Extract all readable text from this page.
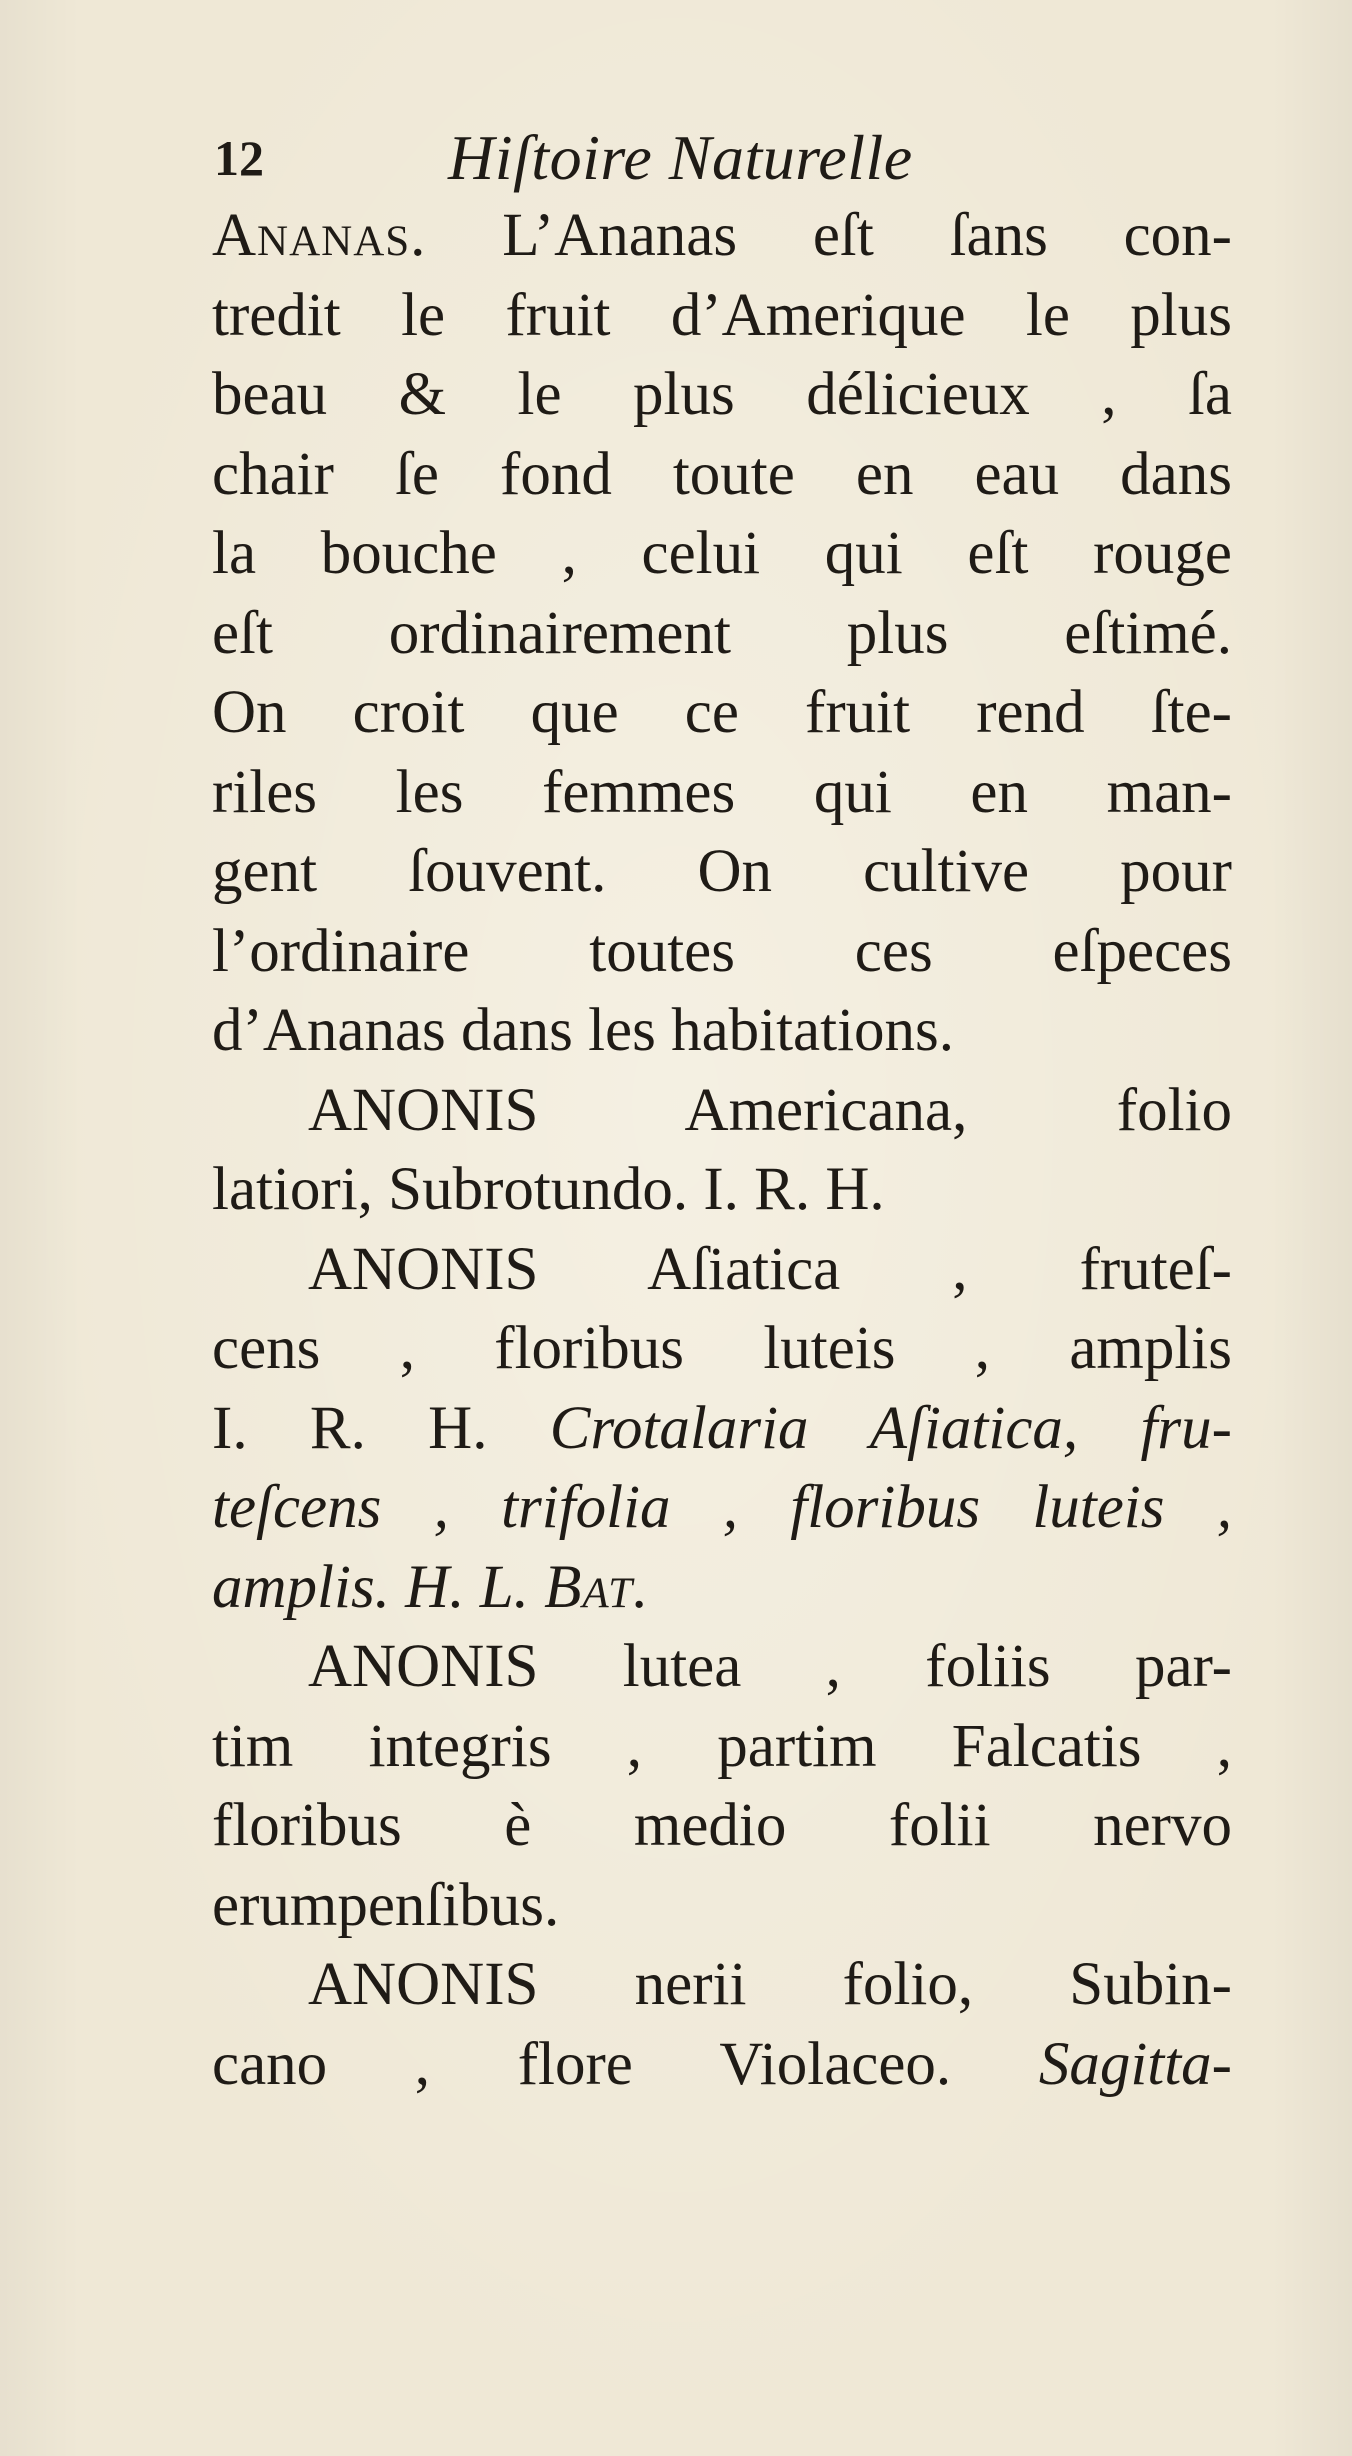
12	Hiſtoire Naturelle
Ananas. L’Ananas eſt ſans con-
tredit le fruit d’Amerique le plus
beau & le plus délicieux , ſa
chair ſe fond toute en eau dans
la bouche , celui qui eſt rouge
eſt ordinairement plus eſtimé.
On croit que ce fruit rend ſte-
riles les femmes qui en man-
gent ſouvent. On cultive pour
l’ordinaire toutes ces eſpeces
d’Ananas dans les habitations.
ANONIS Americana, folio
latiori, Subrotundo. I. R. H.
ANONIS Aſiatica , fruteſ-
cens , floribus luteis , amplis
I. R. H. Crotalaria Aſiatica, fru-
teſcens , trifolia , floribus luteis ,
amplis. H. L. Bat.
ANONIS lutea , foliis par-
tim integris , partim Falcatis ,
floribus è medio folii nervo
erumpenſibus.
ANONIS nerii folio, Subin-
cano , flore Violaceo. Sagitta-
